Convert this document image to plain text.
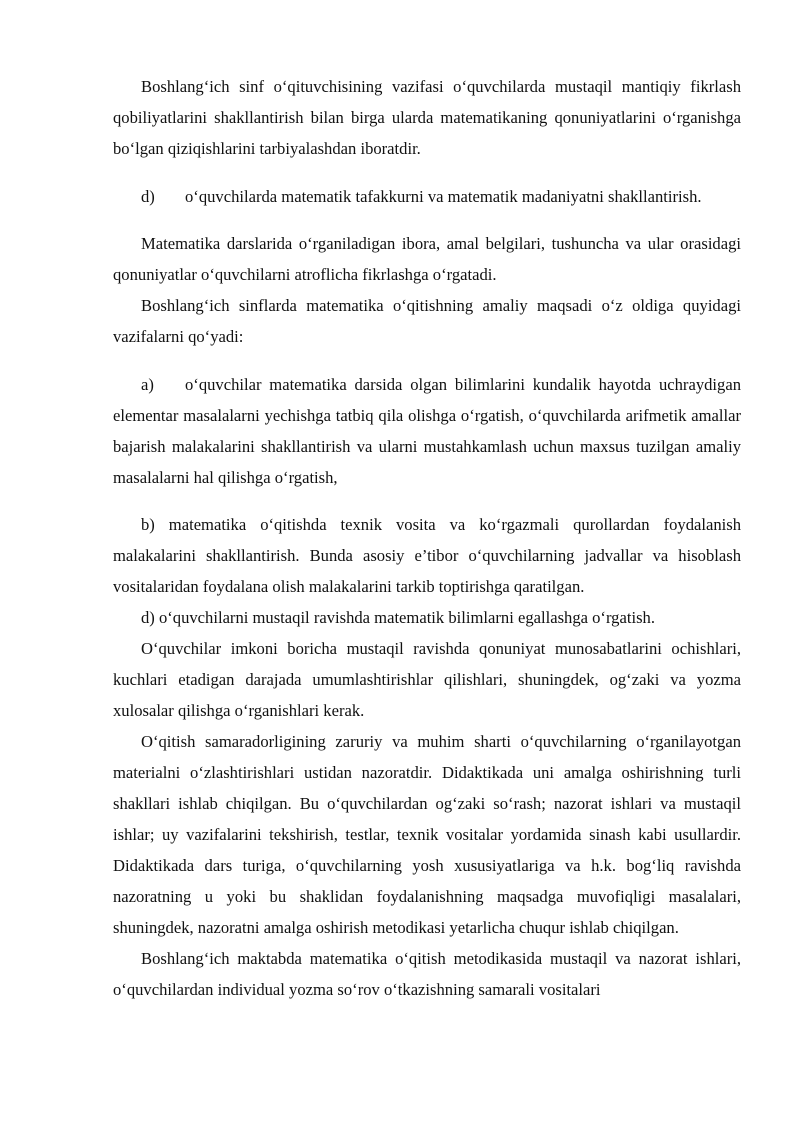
Boshlang‘ich sinf o‘qituvchisining vazifasi o‘quvchilarda mustaqil mantiqiy fikrlash qobiliyatlarini shakllantirish bilan birga ularda matematikaning qonuniyatlarini o‘rganishga bo‘lgan qiziqishlarini tarbiyalashdan iboratdir.

d) o‘quvchilarda matematik tafakkurni va matematik madaniyatni shakllantirish.

Matematika darslarida o‘rganiladigan ibora, amal belgilari, tushuncha va ular orasidagi qonuniyatlar o‘quvchilarni atroflicha fikrlashga o‘rgatadi.

Boshlang‘ich sinflarda matematika o‘qitishning amaliy maqsadi o‘z oldiga quyidagi vazifalarni qo‘yadi:

a) o‘quvchilar matematika darsida olgan bilimlarini kundalik hayotda uchraydigan elementar masalalarni yechishga tatbiq qila olishga o‘rgatish, o‘quvchilarda arifmetik amallar bajarish malakalarini shakllantirish va ularni mustahkamlash uchun maxsus tuzilgan amaliy masalalarni hal qilishga o‘rgatish,

b) matematika o‘qitishda texnik vosita va ko‘rgazmali qurollardan foydalanish malakalarini shakllantirish. Bunda asosiy e’tibor o‘quvchilarning jadvallar va hisoblash vositalaridan foydalana olish malakalarini tarkib toptirishga qaratilgan.

d) o‘quvchilarni mustaqil ravishda matematik bilimlarni egallashga o‘rgatish.

O‘quvchilar imkoni boricha mustaqil ravishda qonuniyat munosabatlarini ochishlari, kuchlari etadigan darajada umumlashtirishlar qilishlari, shuningdek, og‘zaki va yozma xulosalar qilishga o‘rganishlari kerak.

O‘qitish samaradorligining zaruriy va muhim sharti o‘quvchilarning o‘rganilayotgan materialni o‘zlashtirishlari ustidan nazoratdir. Didaktikada uni amalga oshirishning turli shakllari ishlab chiqilgan. Bu o‘quvchilardan og‘zaki so‘rash; nazorat ishlari va mustaqil ishlar; uy vazifalarini tekshirish, testlar, texnik vositalar yordamida sinash kabi usullardir. Didaktikada dars turiga, o‘quvchilarning yosh xususiyatlariga va h.k. bog‘liq ravishda nazoratning u yoki bu shaklidan foydalanishning maqsadga muvofiqligi masalalari, shuningdek, nazoratni amalga oshirish metodikasi yetarlicha chuqur ishlab chiqilgan.

Boshlang‘ich maktabda matematika o‘qitish metodikasida mustaqil va nazorat ishlari, o‘quvchilardan individual yozma so‘rov o‘tkazishning samarali vositalari
